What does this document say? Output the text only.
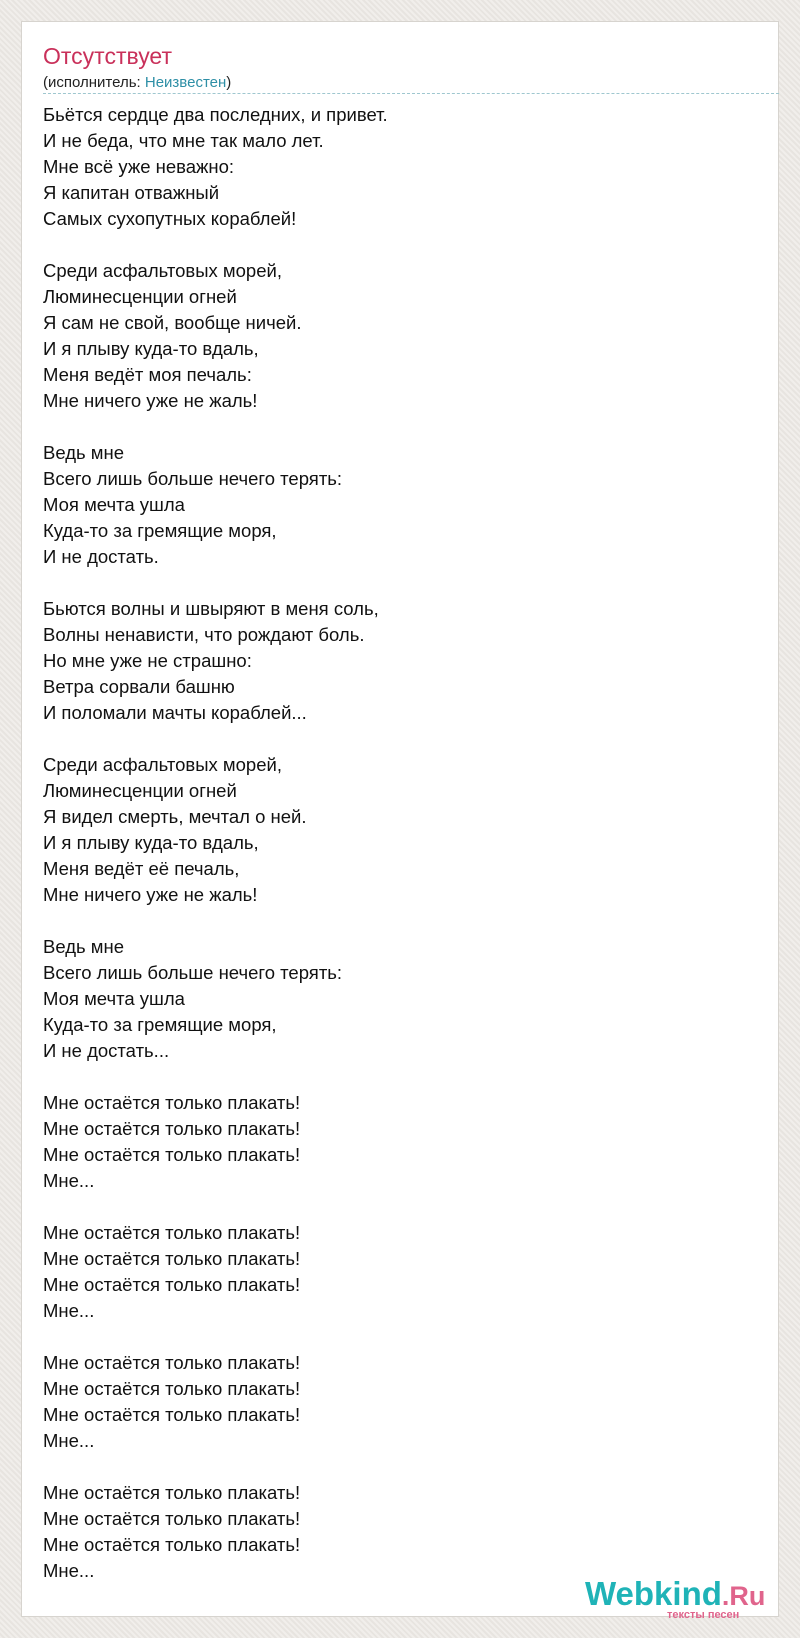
Отсутствует
(исполнитель: Неизвестен)
Бьётся сердце два последних, и привет.
И не беда, что мне так мало лет.
Мне всё уже неважно:
Я капитан отважный
Самых сухопутных кораблей!
Среди асфальтовых морей,
Люминесценции огней
Я сам не свой, вообще ничей.
И я плыву куда-то вдаль,
Меня ведёт моя печаль:
Мне ничего уже не жаль!
Ведь мне
Всего лишь больше нечего терять:
Моя мечта ушла
Куда-то за гремящие моря,
И не достать.
Бьются волны и швыряют в меня соль,
Волны ненависти, что рождают боль.
Но мне уже не страшно:
Ветра сорвали башню
И поломали мачты кораблей...
Среди асфальтовых морей,
Люминесценции огней
Я видел смерть, мечтал о ней.
И я плыву куда-то вдаль,
Меня ведёт её печаль,
Мне ничего уже не жаль!
Ведь мне
Всего лишь больше нечего терять:
Моя мечта ушла
Куда-то за гремящие моря,
И не достать...
Мне остаётся только плакать!
Мне остаётся только плакать!
Мне остаётся только плакать!
Мне...
Мне остаётся только плакать!
Мне остаётся только плакать!
Мне остаётся только плакать!
Мне...
Мне остаётся только плакать!
Мне остаётся только плакать!
Мне остаётся только плакать!
Мне...
Мне остаётся только плакать!
Мне остаётся только плакать!
Мне остаётся только плакать!
Мне...
Webkind.Ru
тексты песен
